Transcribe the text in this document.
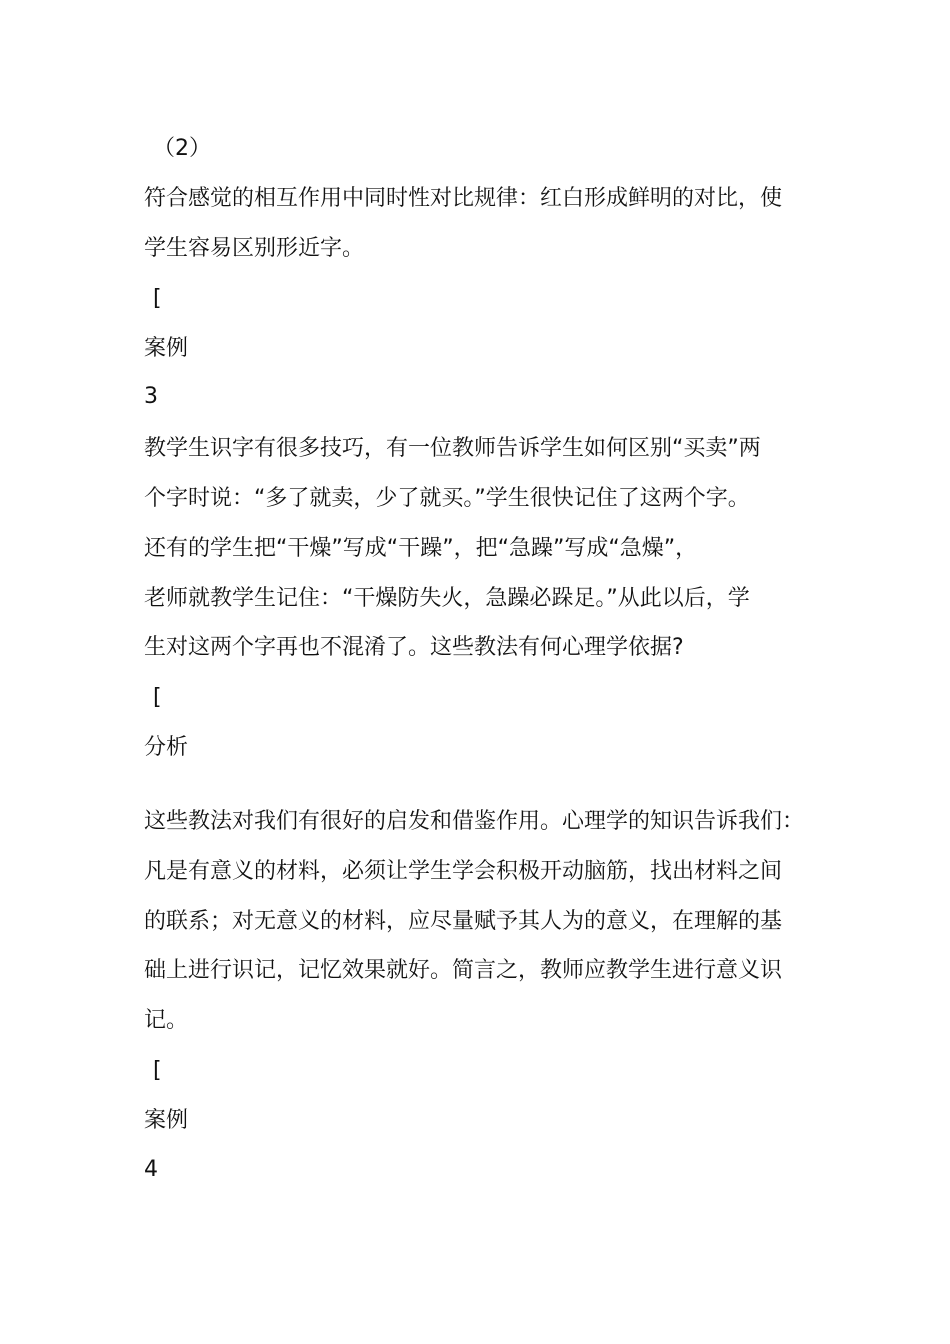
（2）
符合感觉的相互作用中同时性对比规律：红白形成鲜明的对比，使
学生容易区别形近字。
[
案例
3
教学生识字有很多技巧，有一位教师告诉学生如何区别“买卖”两
个字时说：“多了就卖，少了就买。”学生很快记住了这两个字。
还有的学生把“干燥”写成“干躁”，把“急躁”写成“急燥”，
老师就教学生记住：“干燥防失火，急躁必跺足。”从此以后，学
生对这两个字再也不混淆了。这些教法有何心理学依据?
[
分析
这些教法对我们有很好的启发和借鉴作用。心理学的知识告诉我们：
凡是有意义的材料，必须让学生学会积极开动脑筋，找出材料之间
的联系；对无意义的材料，应尽量赋予其人为的意义，在理解的基
础上进行识记，记忆效果就好。简言之，教师应教学生进行意义识
记。
[
案例
4
